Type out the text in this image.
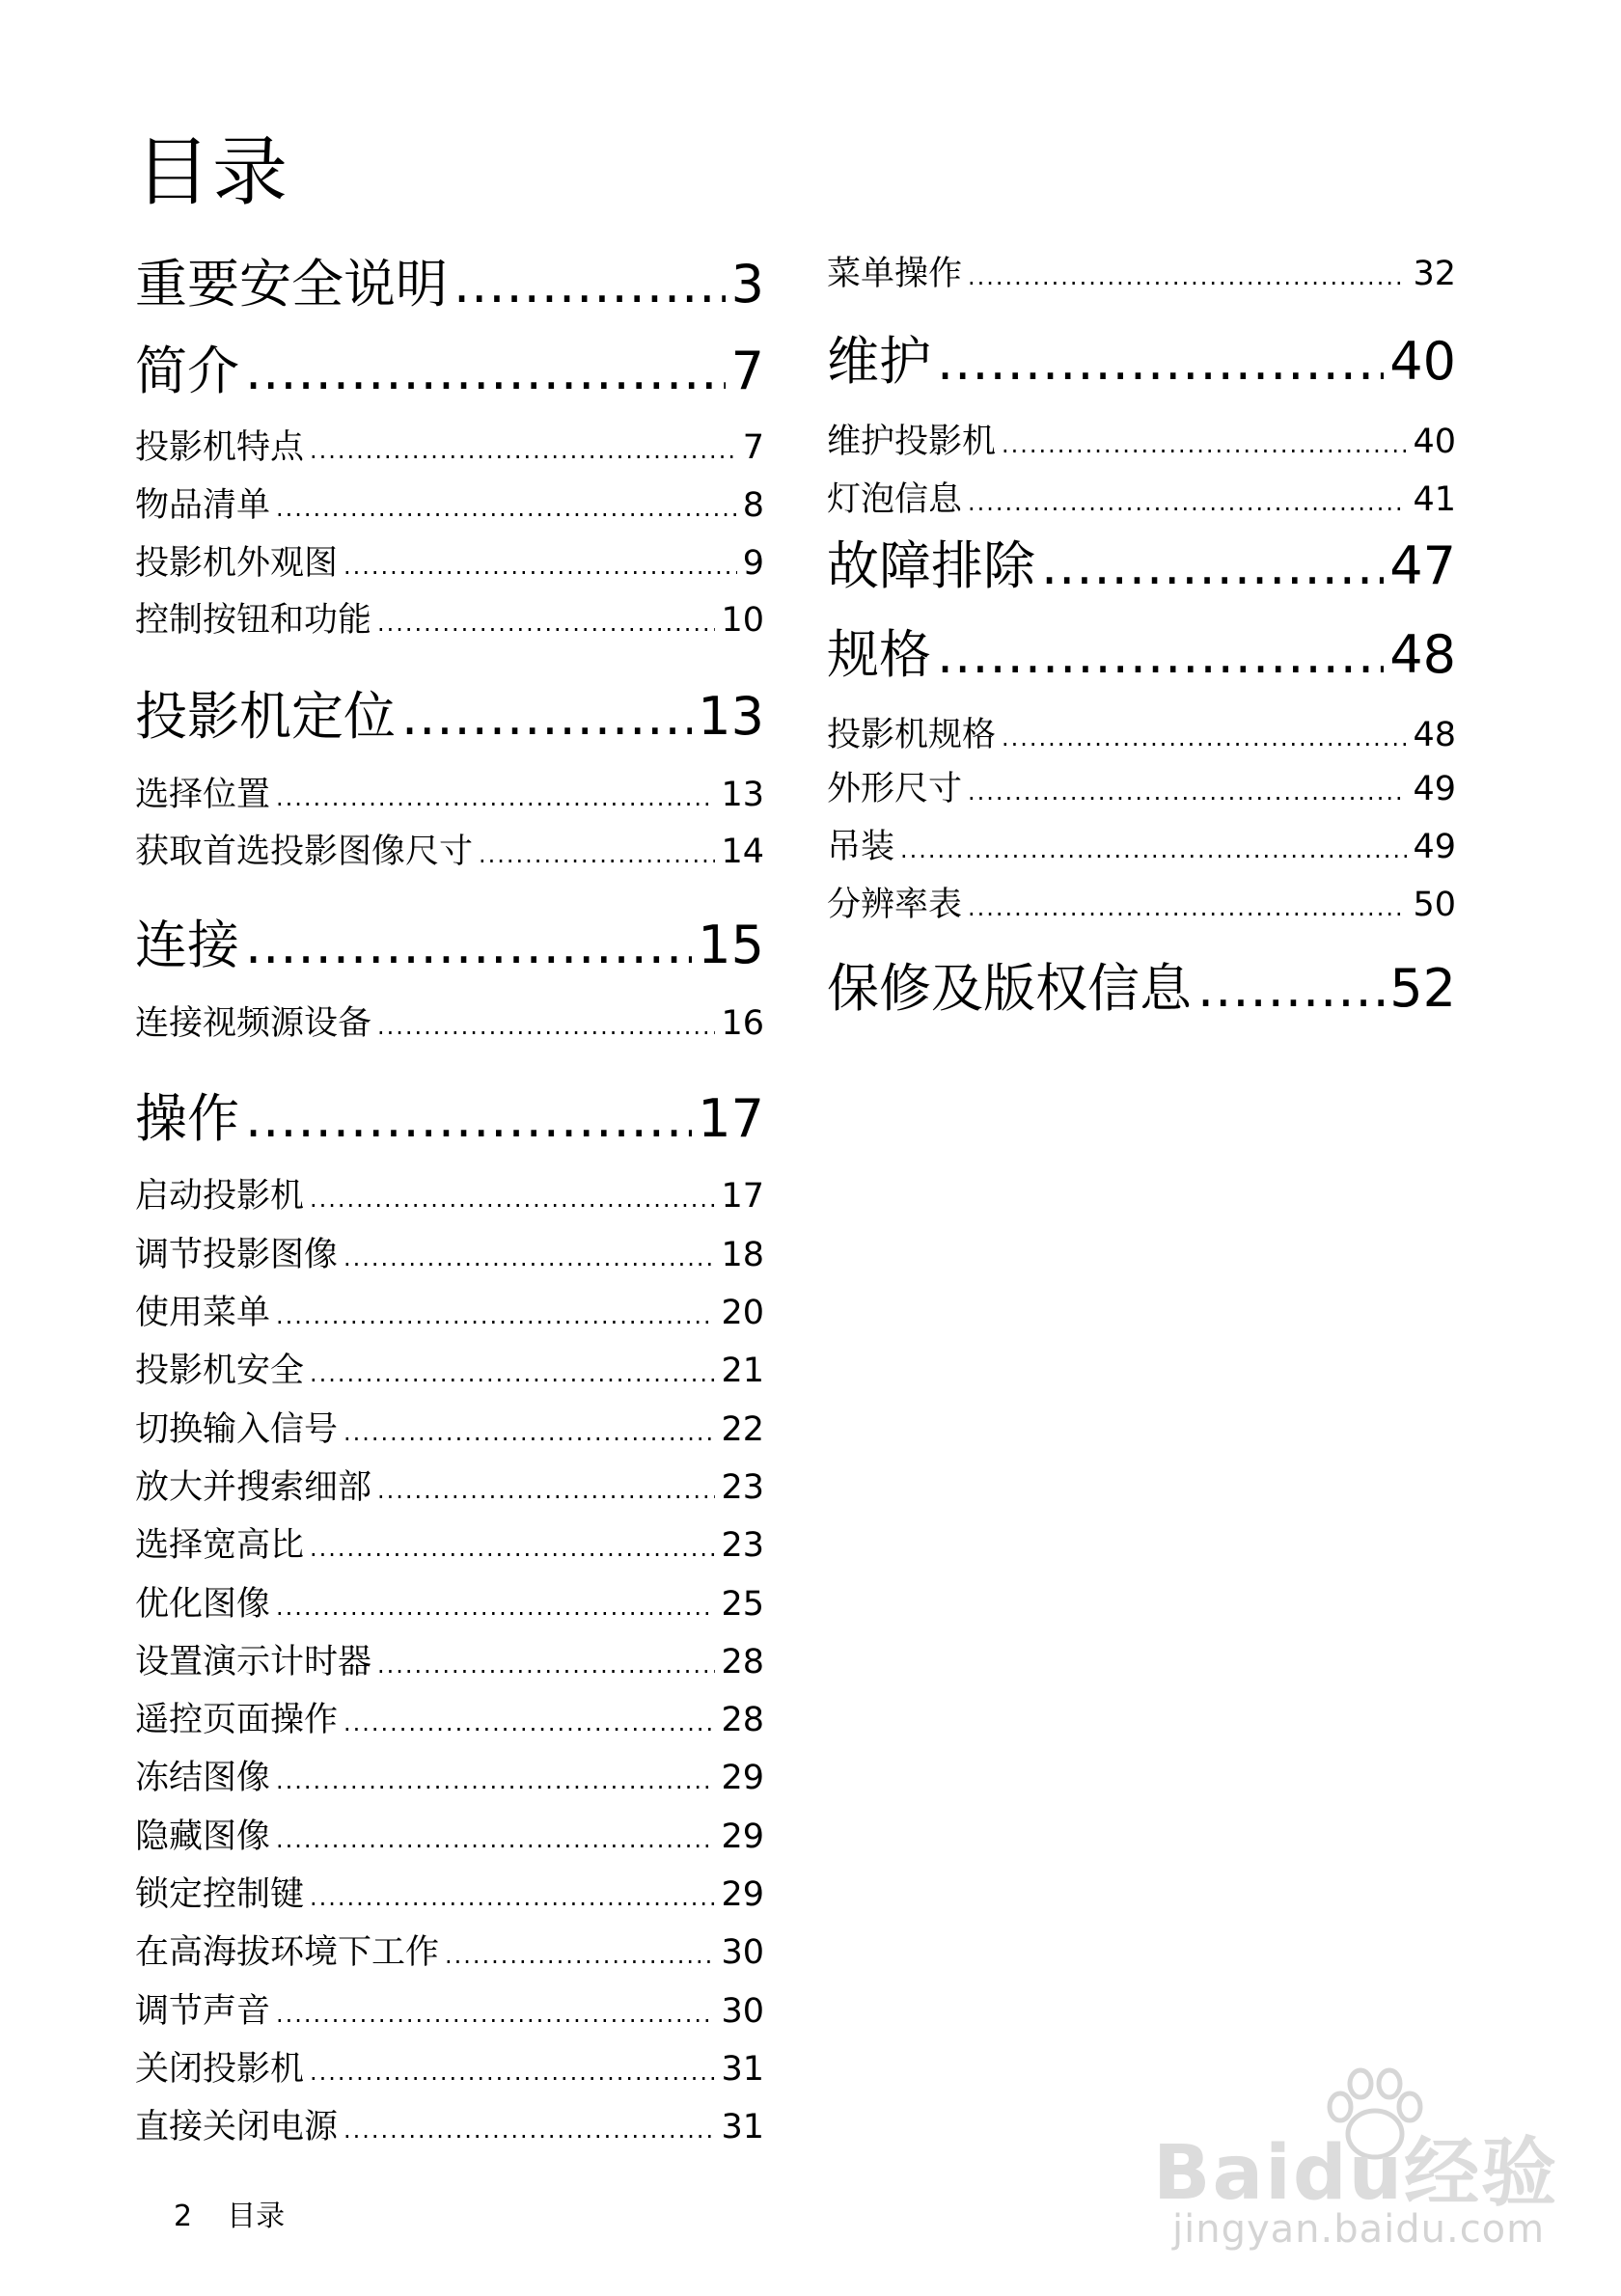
目录
重要安全说明 .....	3
简介 .....	7
投影机特点 .....	7
物品清单 .....	8
投影机外观图 .....	9
控制按钮和功能 .....	10
投影机定位 .....	13
选择位置 .....	13
获取首选投影图像尺寸 .....	14
连接 .....	15
连接视频源设备 .....	16
操作 .....	17
启动投影机 .....	17
调节投影图像 .....	18
使用菜单 .....	20
投影机安全 .....	21
切换输入信号 .....	22
放大并搜索细部 .....	23
选择宽高比 .....	23
优化图像 .....	25
设置演示计时器 .....	28
遥控页面操作 .....	28
冻结图像 .....	29
隐藏图像 .....	29
锁定控制键 .....	29
在高海拔环境下工作 .....	30
调节声音 .....	30
关闭投影机 .....	31
直接关闭电源 .....	31
菜单操作 .....	32
维护 .....	40
维护投影机 .....	40
灯泡信息 .....	41
故障排除 .....	47
规格 .....	48
投影机规格 .....	48
外形尺寸 .....	49
吊装 .....	49
分辨率表 .....	50
保修及版权信息 .....	52
2 目录	Baidu经验
jingyan.baidu.com
